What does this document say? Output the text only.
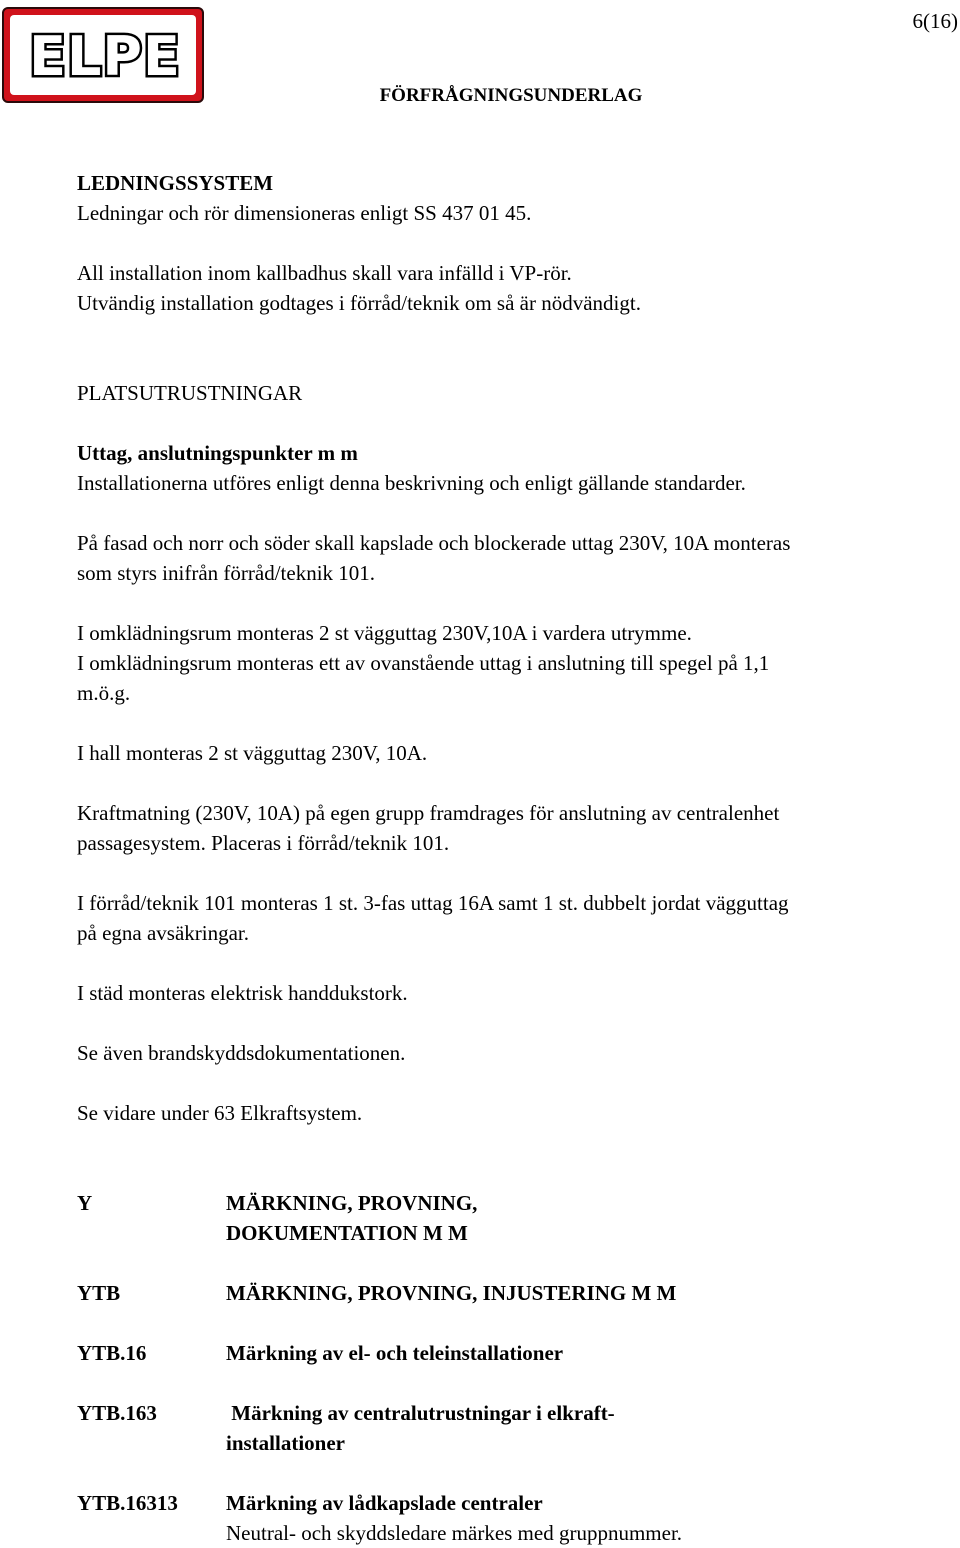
ELPE
6(16)
FÖRFRÅGNINGSUNDERLAG

LEDNINGSSYSTEM

Ledningar och rör dimensioneras enligt SS 437 01 45.

All installation inom kallbadhus skall vara infälld i VP-rör.

Utvändig installation godtages i förråd/teknik om så är nödvändigt.

PLATSUTRUSTNINGAR

Uttag, anslutningspunkter m m

Installationerna utföres enligt denna beskrivning och enligt gällande standarder.

På fasad och norr och söder skall kapslade och blockerade uttag 230V, 10A monteras

som styrs inifrån förråd/teknik 101.

I omklädningsrum monteras 2 st vägguttag 230V,10A i vardera utrymme.

I omklädningsrum monteras ett av ovanstående uttag i anslutning till spegel på 1,1

m.ö.g.

I hall monteras 2 st vägguttag 230V, 10A.

Kraftmatning (230V, 10A) på egen grupp framdrages för anslutning av centralenhet

passagesystem. Placeras i förråd/teknik 101.

I förråd/teknik 101 monteras 1 st. 3-fas uttag 16A samt 1 st. dubbelt jordat vägguttag

på egna avsäkringar.

I städ monteras elektrisk handdukstork.

Se även brandskyddsdokumentationen.

Se vidare under 63 Elkraftsystem.

Y	MÄRKNING, PROVNING,
DOKUMENTATION M M
YTB	MÄRKNING, PROVNING, INJUSTERING M M
YTB.16	Märkning av el- och teleinstallationer
YTB.163	Märkning av centralutrustningar i elkraft-
installationer
YTB.16313 Märkning av lådkapslade centraler
Neutral- och skyddsledare märkes med gruppnummer.
